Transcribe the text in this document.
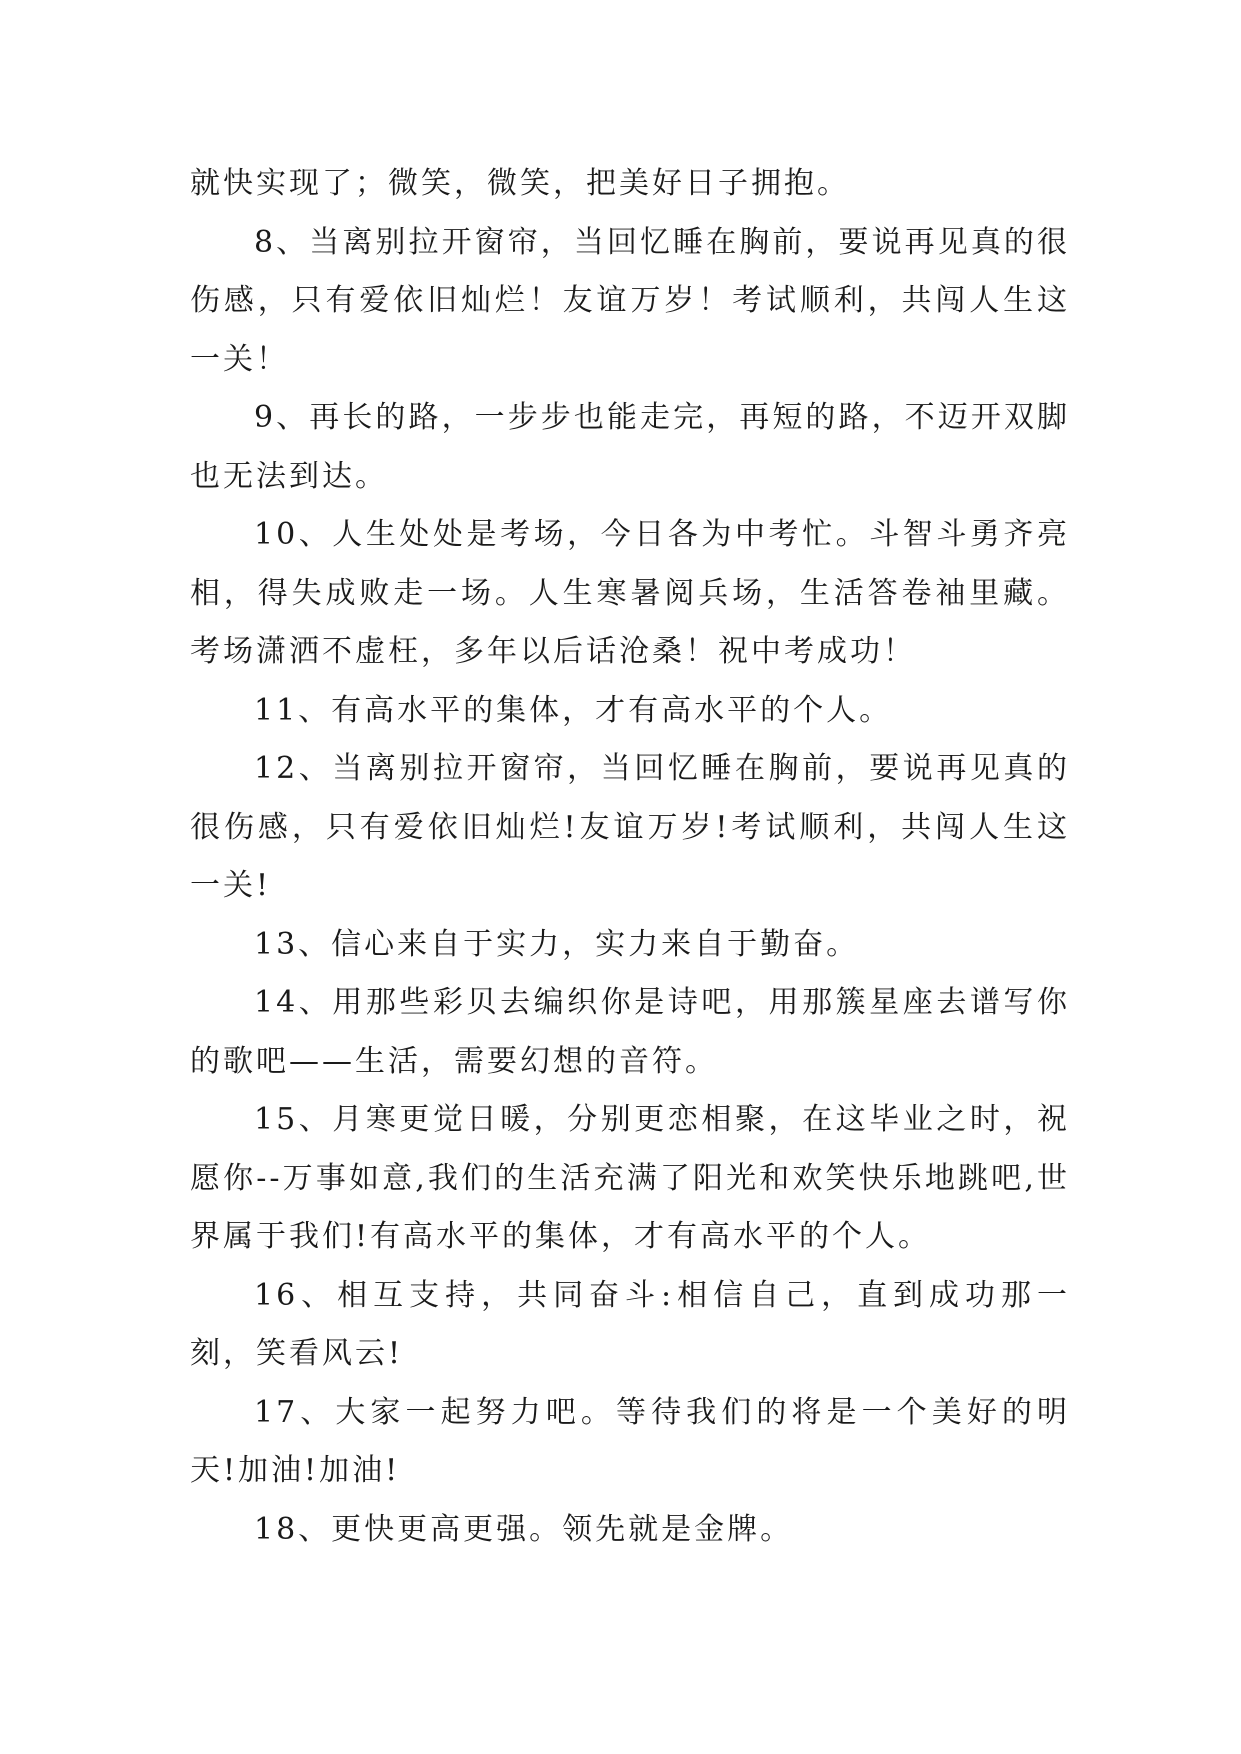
就快实现了；微笑，微笑，把美好日子拥抱。

8、当离别拉开窗帘，当回忆睡在胸前，要说再见真的很伤感，只有爱依旧灿烂！友谊万岁！考试顺利，共闯人生这一关！

9、再长的路，一步步也能走完，再短的路，不迈开双脚也无法到达。

10、人生处处是考场，今日各为中考忙。斗智斗勇齐亮相，得失成败走一场。人生寒暑阅兵场，生活答卷袖里藏。考场潇洒不虚枉，多年以后话沧桑！祝中考成功！

11、有高水平的集体，才有高水平的个人。

12、当离别拉开窗帘，当回忆睡在胸前，要说再见真的很伤感，只有爱依旧灿烂!友谊万岁!考试顺利，共闯人生这一关!

13、信心来自于实力，实力来自于勤奋。

14、用那些彩贝去编织你是诗吧，用那簇星座去谱写你的歌吧——生活，需要幻想的音符。

15、月寒更觉日暖，分别更恋相聚，在这毕业之时，祝愿你--万事如意,我们的生活充满了阳光和欢笑快乐地跳吧,世界属于我们!有高水平的集体，才有高水平的个人。

16、相互支持，共同奋斗:相信自己，直到成功那一刻，笑看风云!

17、大家一起努力吧。等待我们的将是一个美好的明天!加油!加油!

18、更快更高更强。领先就是金牌。
